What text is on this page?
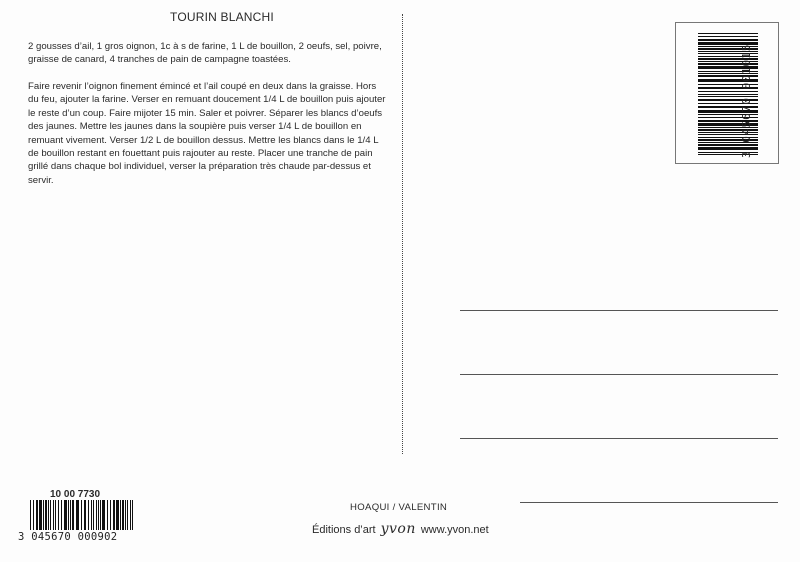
TOURIN BLANCHI
2 gousses d’ail, 1 gros oignon, 1c à s de farine, 1 L de bouillon, 2 oeufs, sel, poivre, graisse de canard, 4 tranches de pain de campagne toastées.

Faire revenir l’oignon finement émincé et l’ail coupé en deux dans la graisse. Hors du feu, ajouter la farine. Verser en remuant doucement 1/4 L de bouillon puis ajouter le reste d’un coup. Faire mijoter 15 min. Saler et poivrer. Séparer les blancs d’oeufs des jaunes. Mettre les jaunes dans la soupière puis verser 1/4 L de bouillon en remuant vivement. Verser 1/2 L de bouillon dessus. Mettre les blancs dans le 1/4 L de bouillon restant en fouettant puis rajouter au reste. Placer une tranche de pain grillé dans chaque bol individuel, verser la préparation très chaude par-dessus et servir.

3 045670 001015
10 00 7730
3 045670 000902
HOAQUI / VALENTIN
Éditions d’art yvon www.yvon.net
